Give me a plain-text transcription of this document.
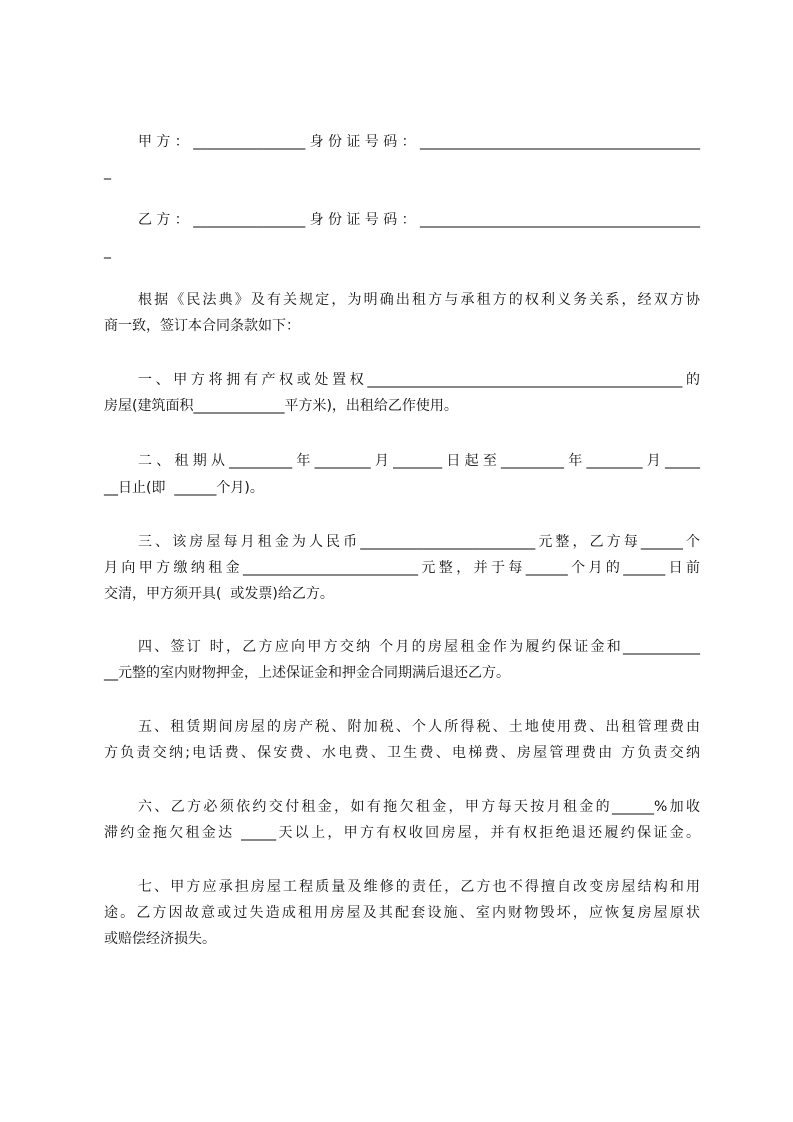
甲方：________________身份证号码：________________________________________
_
乙方：________________身份证号码：________________________________________
_
根据《民法典》及有关规定，为明确出租方与承租方的权利义务关系，经双方协
商一致，签订本合同条款如下：
一、甲方将拥有产权或处置权_____________________________________________的
房屋(建筑面积_____________平方米)，出租给乙作使用。
二、租期从_________年________月_______日起至_________年________月_____
__日止(即  ______个月)。
三、该房屋每月租金为人民币_________________________元整，乙方每______个
月向甲方缴纳租金_________________________元整，并于每______个月的______日前
交清，甲方须开具(  或发票)给乙方。
四、签订 时，乙方应向甲方交纳 个月的房屋租金作为履约保证金和___________
__元整的室内财物押金，上述保证金和押金合同期满后退还乙方。
五、租赁期间房屋的房产税、附加税、个人所得税、土地使用费、出租管理费由
方负责交纳;电话费、保安费、水电费、卫生费、电梯费、房屋管理费由 方负责交纳
六、乙方必须依约交付租金，如有拖欠租金，甲方每天按月租金的______%加收
滞约金拖欠租金达 _____天以上，甲方有权收回房屋，并有权拒绝退还履约保证金。
七、甲方应承担房屋工程质量及维修的责任，乙方也不得擅自改变房屋结构和用
途。乙方因故意或过失造成租用房屋及其配套设施、室内财物毁坏，应恢复房屋原状
或赔偿经济损失。
